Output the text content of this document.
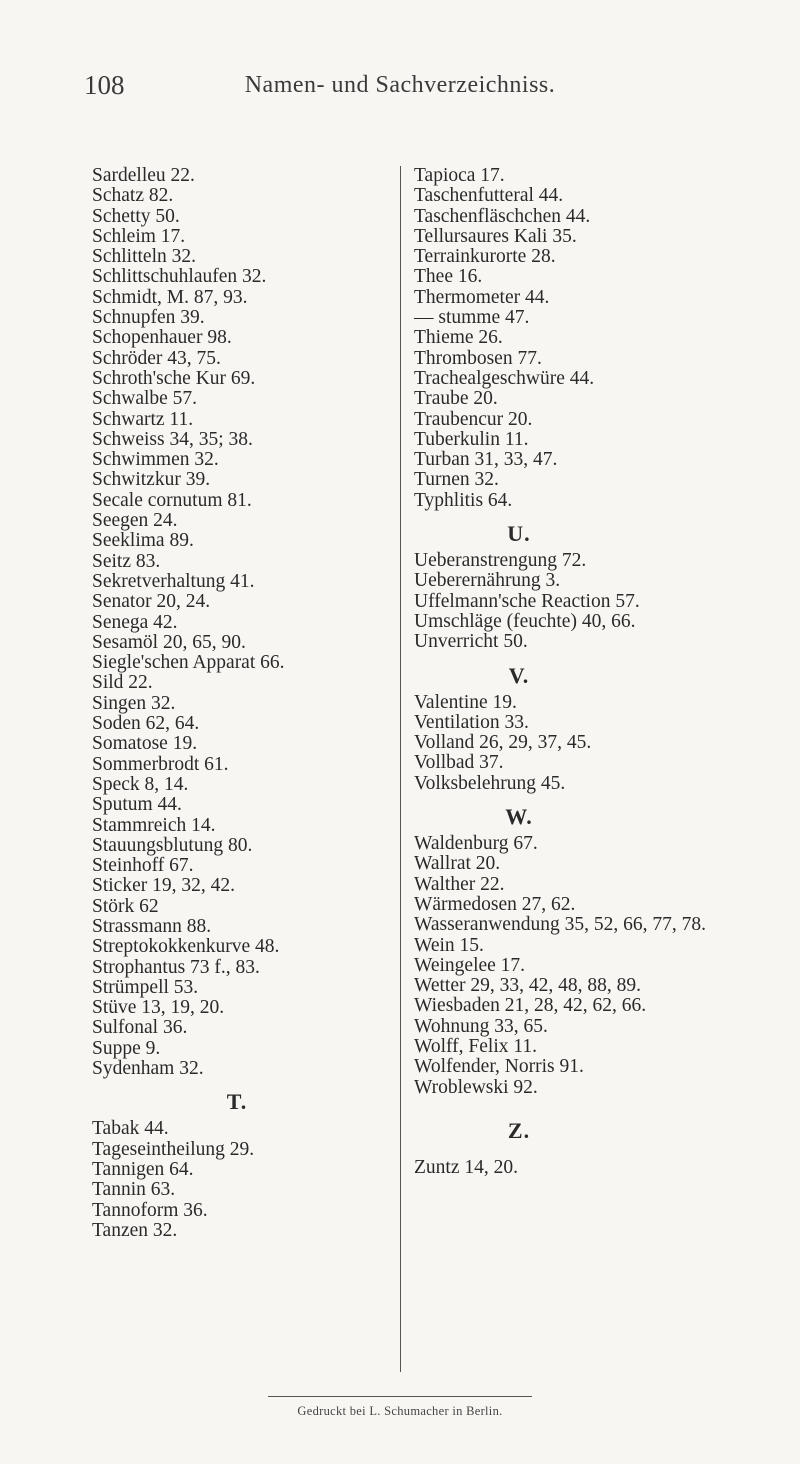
108	Namen- und Sachverzeichniss.
Sardelleu 22.
Schatz 82.
Schetty 50.
Schleim 17.
Schlitteln 32.
Schlittschuhlaufen 32.
Schmidt, M. 87, 93.
Schnupfen 39.
Schopenhauer 98.
Schröder 43, 75.
Schroth'sche Kur 69.
Schwalbe 57.
Schwartz 11.
Schweiss 34, 35; 38.
Schwimmen 32.
Schwitzkur 39.
Secale cornutum 81.
Seegen 24.
Seeklima 89.
Seitz 83.
Sekretverhaltung 41.
Senator 20, 24.
Senega 42.
Sesamöl 20, 65, 90.
Siegle'schen Apparat 66.
Sild 22.
Singen 32.
Soden 62, 64.
Somatose 19.
Sommerbrodt 61.
Speck 8, 14.
Sputum 44.
Stammreich 14.
Stauungsblutung 80.
Steinhoff 67.
Sticker 19, 32, 42.
Störk 62
Strassmann 88.
Streptokokkenkurve 48.
Strophantus 73 f., 83.
Strümpell 53.
Stüve 13, 19, 20.
Sulfonal 36.
Suppe 9.
Sydenham 32.
T.
Tabak 44.
Tageseintheilung 29.
Tannigen 64.
Tannin 63.
Tannoform 36.
Tanzen 32.
Tapioca 17.
Taschenfutteral 44.
Taschenfläschchen 44.
Tellursaures Kali 35.
Terrainkurorte 28.
Thee 16.
Thermometer 44.
— stumme 47.
Thieme 26.
Thrombosen 77.
Trachealgeschwüre 44.
Traube 20.
Traubencur 20.
Tuberkulin 11.
Turban 31, 33, 47.
Turnen 32.
Typhlitis 64.
U.
Ueberanstrengung 72.
Ueberernährung 3.
Uffelmann'sche Reaction 57.
Umschläge (feuchte) 40, 66.
Unverricht 50.
V.
Valentine 19.
Ventilation 33.
Volland 26, 29, 37, 45.
Vollbad 37.
Volksbelehrung 45.
W.
Waldenburg 67.
Wallrat 20.
Walther 22.
Wärmedosen 27, 62.
Wasseranwendung 35, 52, 66, 77, 78.
Wein 15.
Weingelee 17.
Wetter 29, 33, 42, 48, 88, 89.
Wiesbaden 21, 28, 42, 62, 66.
Wohnung 33, 65.
Wolff, Felix 11.
Wolfender, Norris 91.
Wroblewski 92.
Z.
Zuntz 14, 20.
Gedruckt bei L. Schumacher in Berlin.
